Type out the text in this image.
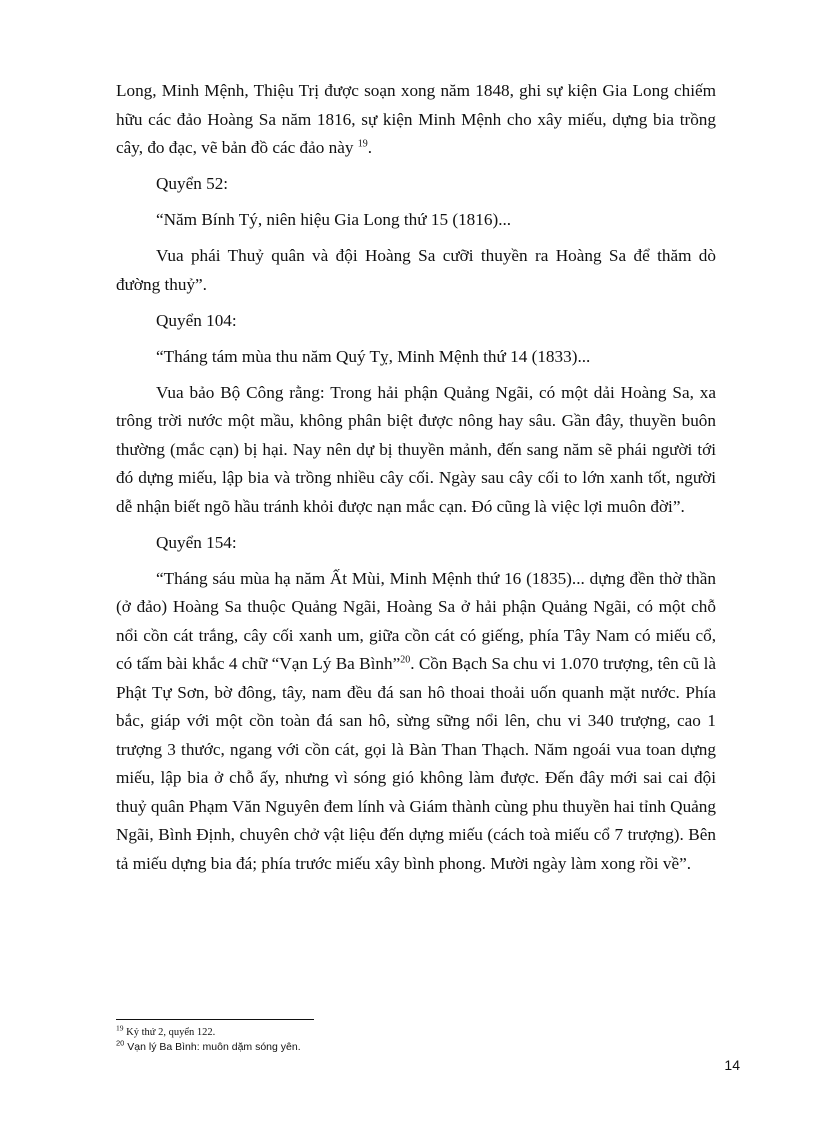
Long, Minh Mệnh, Thiệu Trị được soạn xong năm 1848, ghi sự kiện Gia Long chiếm hữu các đảo Hoàng Sa năm 1816, sự kiện Minh Mệnh cho xây miếu, dựng bia trồng cây, đo đạc, vẽ bản đồ các đảo này $^{19}$.

Quyển 52:

“Năm Bính Tý, niên hiệu Gia Long thứ 15 (1816)...

Vua phái Thuỷ quân và đội Hoàng Sa cưỡi thuyền ra Hoàng Sa để thăm dò đường thuỷ”.

Quyển 104:

“Tháng tám mùa thu năm Quý Tỵ, Minh Mệnh thứ 14 (1833)...

Vua bảo Bộ Công rằng: Trong hải phận Quảng Ngãi, có một dải Hoàng Sa, xa trông trời nước một mầu, không phân biệt được nông hay sâu. Gần đây, thuyền buôn thường (mắc cạn) bị hại. Nay nên dự bị thuyền mảnh, đến sang năm sẽ phái người tới đó dựng miếu, lập bia và trồng nhiều cây cối. Ngày sau cây cối to lớn xanh tốt, người dễ nhận biết ngõ hầu tránh khỏi được nạn mắc cạn. Đó cũng là việc lợi muôn đời”.

Quyển 154:

“Tháng sáu mùa hạ năm Ất Mùi, Minh Mệnh thứ 16 (1835)... dựng đền thờ thần (ở đảo) Hoàng Sa thuộc Quảng Ngãi, Hoàng Sa ở hải phận Quảng Ngãi, có một chỗ nổi cồn cát trắng, cây cối xanh um, giữa cồn cát có giếng, phía Tây Nam có miếu cổ, có tấm bài khắc 4 chữ “Vạn Lý Ba Bình”$^{20}$. Cồn Bạch Sa chu vi 1.070 trượng, tên cũ là Phật Tự Sơn, bờ đông, tây, nam đều đá san hô thoai thoải uốn quanh mặt nước. Phía bắc, giáp với một cồn toàn đá san hô, sừng sững nổi lên, chu vi 340 trượng, cao 1 trượng 3 thước, ngang với cồn cát, gọi là Bàn Than Thạch. Năm ngoái vua toan dựng miếu, lập bia ở chỗ ấy, nhưng vì sóng gió không làm được. Đến đây mới sai cai đội thuỷ quân Phạm Văn Nguyên đem lính và Giám thành cùng phu thuyền hai tỉnh Quảng Ngãi, Bình Định, chuyên chở vật liệu đến dựng miếu (cách toà miếu cổ 7 trượng). Bên tả miếu dựng bia đá; phía trước miếu xây bình phong. Mười ngày làm xong rồi về”.

$^{19}$ Kỷ thứ 2, quyển 122.

$^{20}$ Vạn lý Ba Bình: muôn dặm sóng yên.

14
